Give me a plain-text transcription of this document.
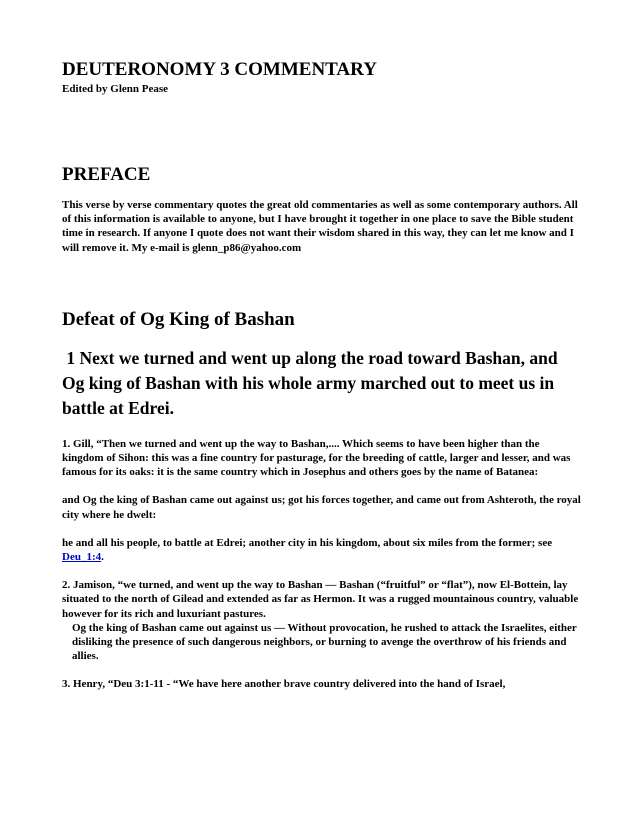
DEUTERONOMY 3 COMMENTARY

Edited by Glenn Pease

PREFACE

This verse by verse commentary quotes the great old commentaries as well as some contemporary authors. All of this information is available to anyone, but I have brought it together in one place to save the Bible student time in research. If anyone I quote does not want their wisdom shared in this way, they can let me know and I will remove it. My e-mail is glenn_p86@yahoo.com

Defeat of Og King of Bashan

1 Next we turned and went up along the road toward Bashan, and Og king of Bashan with his whole army marched out to meet us in battle at Edrei.

1. Gill, “Then we turned and went up the way to Bashan,.... Which seems to have been higher than the kingdom of Sihon: this was a fine country for pasturage, for the breeding of cattle, larger and lesser, and was famous for its oaks: it is the same country which in Josephus and others goes by the name of Batanea:

and Og the king of Bashan came out against us; got his forces together, and came out from Ashteroth, the royal city where he dwelt:

he and all his people, to battle at Edrei; another city in his kingdom, about six miles from the former; see Deu_1:4.

2. Jamison, “we turned, and went up the way to Bashan — Bashan (“fruitful” or “flat”), now El-Bottein, lay situated to the north of Gilead and extended as far as Hermon. It was a rugged mountainous country, valuable however for its rich and luxuriant pastures.

Og the king of Bashan came out against us — Without provocation, he rushed to attack the Israelites, either disliking the presence of such dangerous neighbors, or burning to avenge the overthrow of his friends and allies.

3. Henry, “Deu 3:1-11 - “We have here another brave country delivered into the hand of Israel,
